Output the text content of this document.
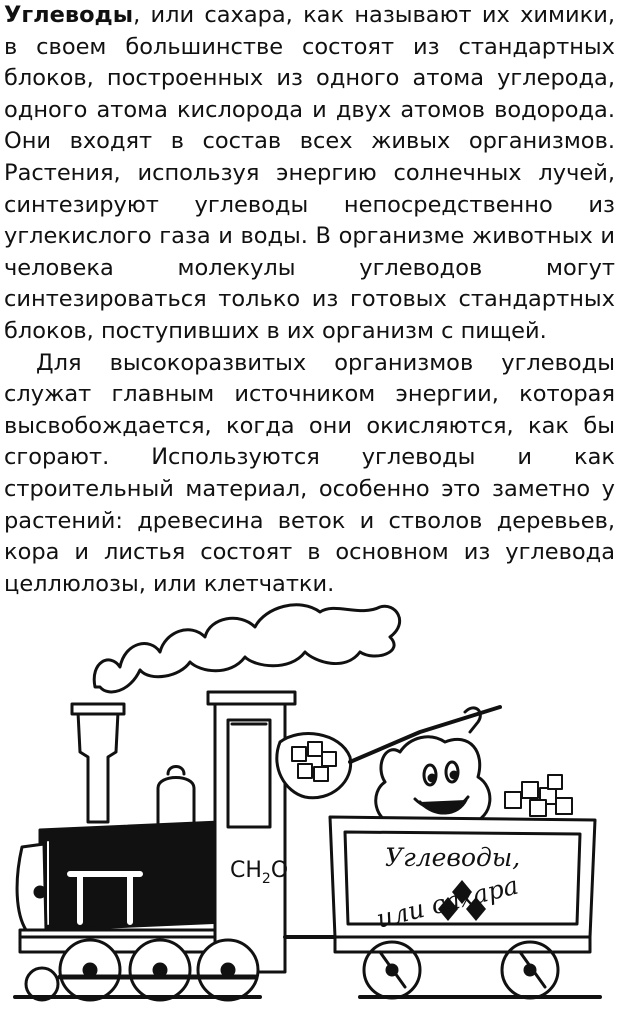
Углеводы, или сахара, как называют их химики, в своем большинстве состоят из стандартных блоков, построенных из одного атома углерода, одного атома кислорода и двух атомов водорода. Они входят в состав всех живых организмов. Растения, используя энергию солнечных лучей, синтезируют углеводы непосредственно из углекислого газа и воды. В организме животных и человека молекулы углеводов могут синтезироваться только из готовых стандартных блоков, поступивших в их организм с пищей.

Для высокоразвитых организмов углеводы служат главным источником энергии, которая высвобождается, когда они окисляются, как бы сгорают. Используются углеводы и как строительный материал, особенно это заметно у растений: древесина веток и стволов деревьев, кора и листья состоят в основном из углевода целлюлозы, или клетчатки.

$CH_2O$	Углеводы,
или сахара
